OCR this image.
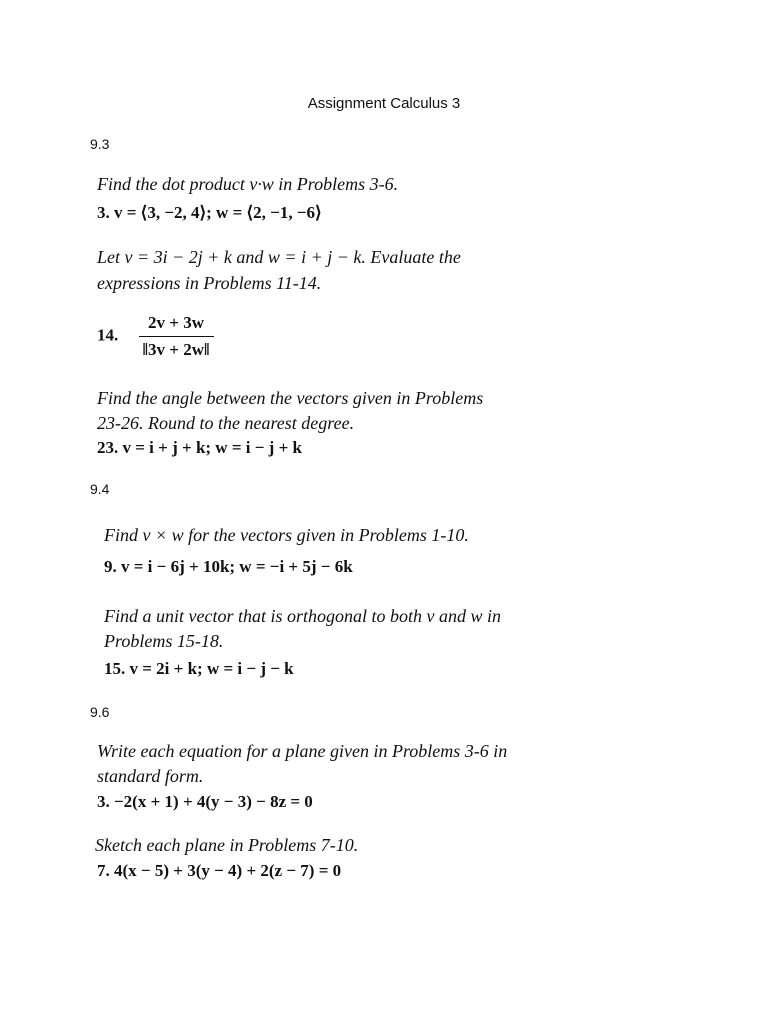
Assignment Calculus 3
9.3
Find the dot product v·w in Problems 3-6.
3. v = ⟨3, −2, 4⟩; w = ⟨2, −1, −6⟩
Let v = 3i − 2j + k and w = i + j − k. Evaluate the
expressions in Problems 11-14.
14. $\frac{2v + 3w}{‖3v + 2w‖}$
Find the angle between the vectors given in Problems
23-26. Round to the nearest degree.
23. v = i + j + k; w = i − j + k
9.4
Find v × w for the vectors given in Problems 1-10.
9. v = i − 6j + 10k; w = −i + 5j − 6k
Find a unit vector that is orthogonal to both v and w in
Problems 15-18.
15. v = 2i + k; w = i − j − k
9.6
Write each equation for a plane given in Problems 3-6 in
standard form.
3. −2(x + 1) + 4(y − 3) − 8z = 0
Sketch each plane in Problems 7-10.
7. 4(x − 5) + 3(y − 4) + 2(z − 7) = 0
